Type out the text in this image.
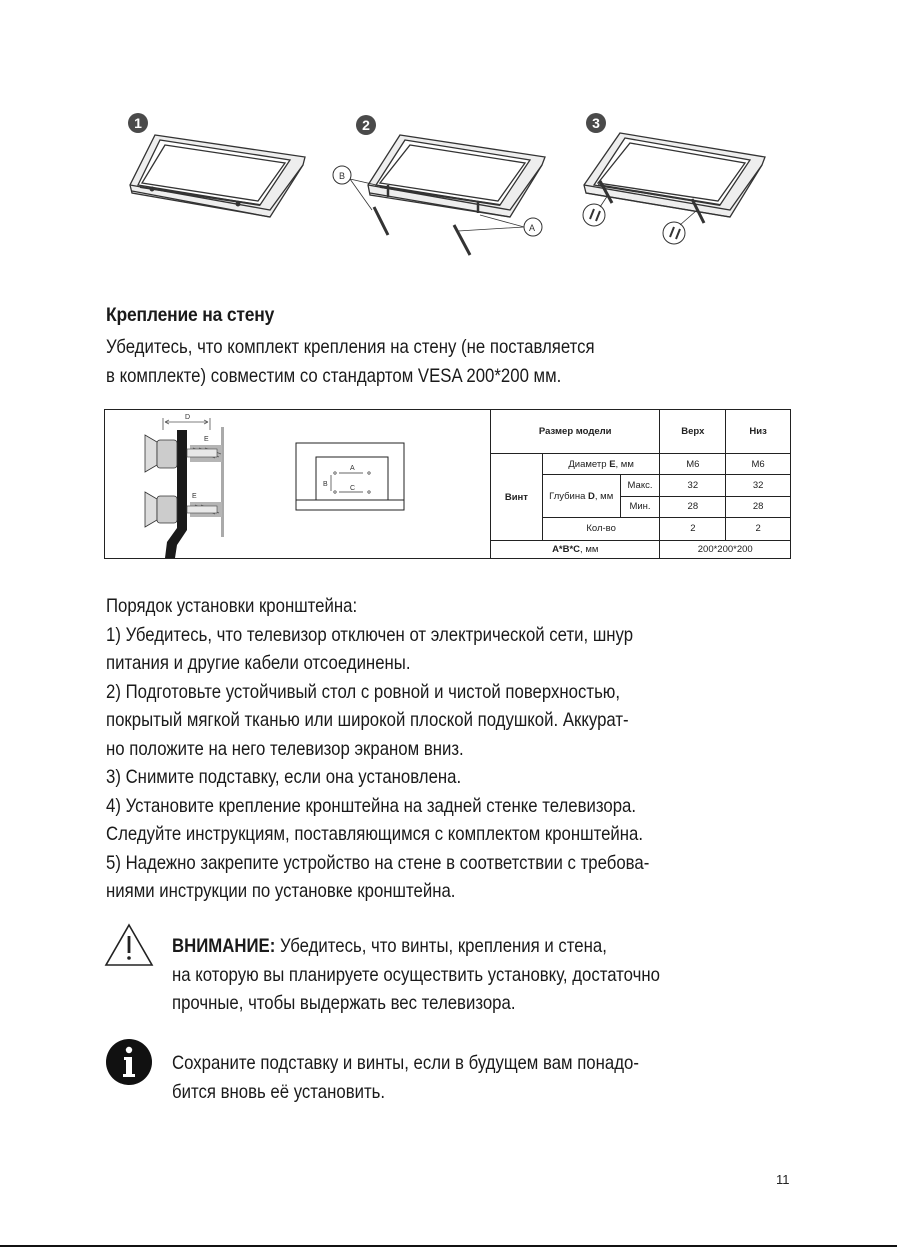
1	2
B
A
3
Крепление на стену
Убедитесь, что комплект крепления на стену (не поставляется
в комплекте) совместим со стандартом VESA 200*200 мм.
D
E
E
A
B
C
Размер модели			Верх	Низ
Винт	Диаметр E, мм		M6	M6
	Глубина D, мм	Макс.	32	32
		Мин.	28	28
	Кол-во		2	2
A*B*C, мм			200*200*200	
Порядок установки кронштейна:
1) Убедитесь, что телевизор отключен от электрической сети, шнур
питания и другие кабели отсоединены.
2) Подготовьте устойчивый стол с ровной и чистой поверхностью,
покрытый мягкой тканью или широкой плоской подушкой. Аккурат-
но положите на него телевизор экраном вниз.
3) Снимите подставку, если она установлена.
4) Установите крепление кронштейна на задней стенке телевизора.
Следуйте инструкциям, поставляющимся с комплектом кронштейна.
5) Надежно закрепите устройство на стене в соответствии с требова-
ниями инструкции по установке кронштейна.
ВНИМАНИЕ: Убедитесь, что винты, крепления и стена,
на которую вы планируете осуществить установку, достаточно
прочные, чтобы выдержать вес телевизора.
Сохраните подставку и винты, если в будущем вам понадо-
бится вновь её установить.
11
